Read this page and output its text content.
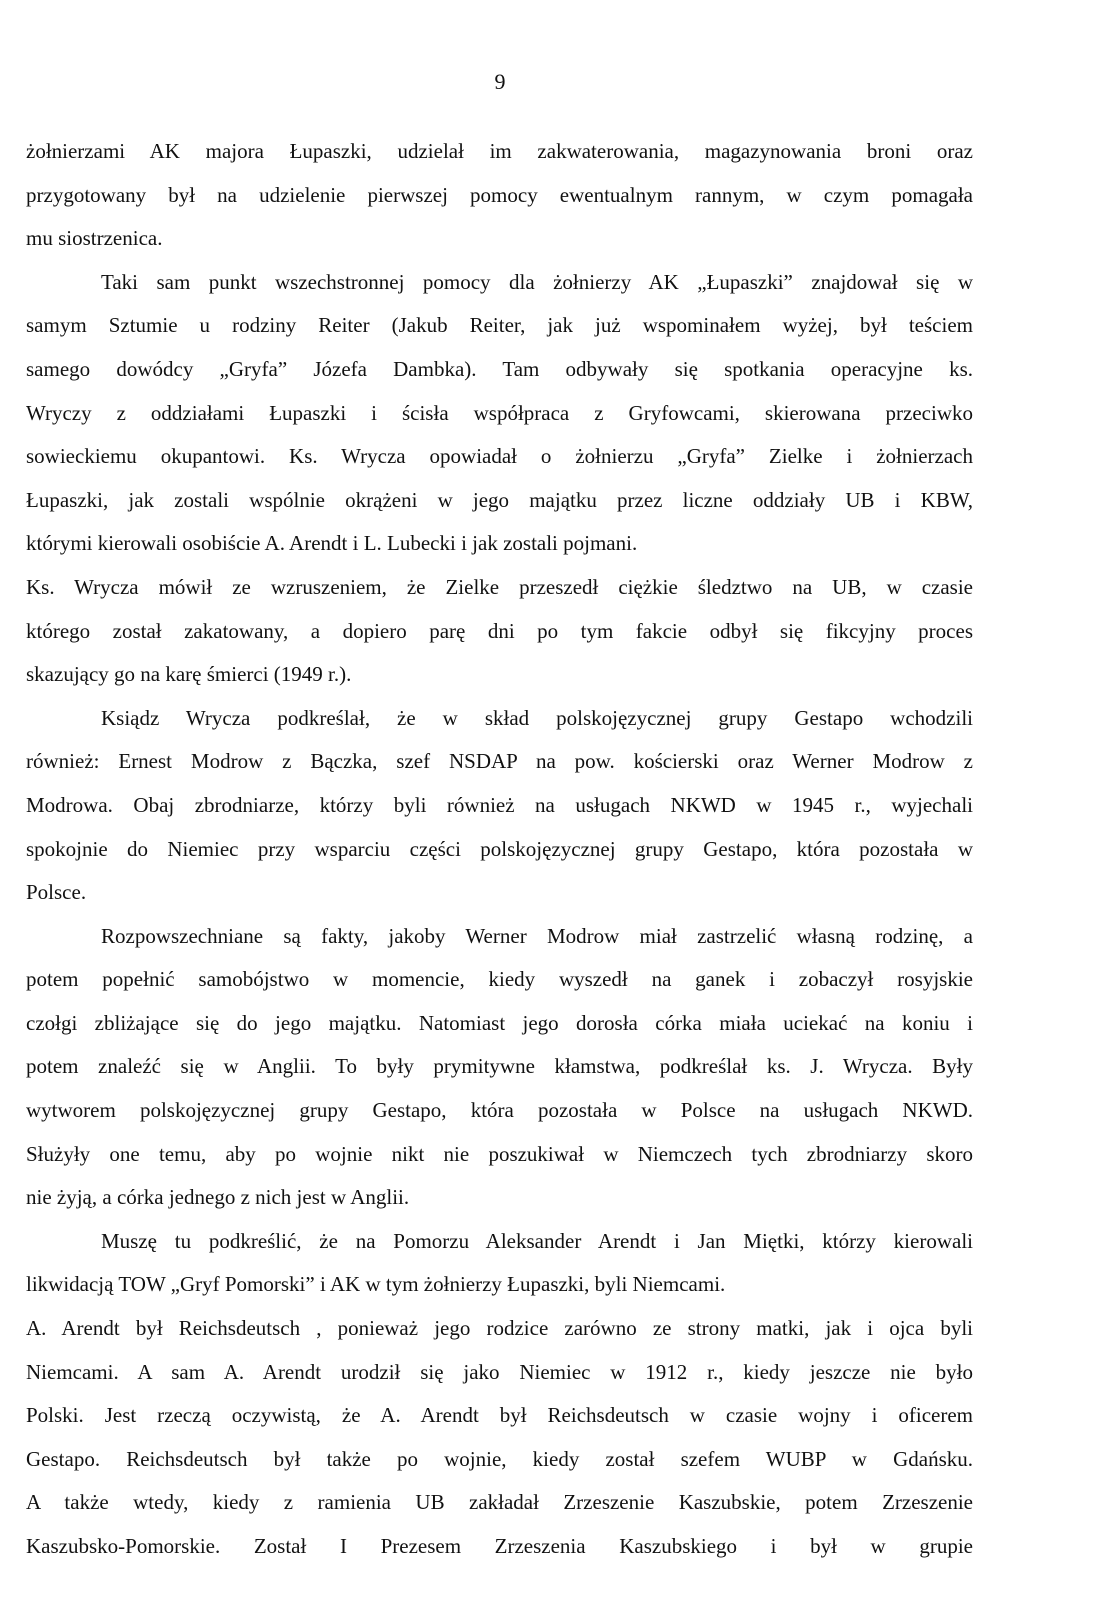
9
żołnierzami AK majora Łupaszki, udzielał im zakwaterowania, magazynowania broni oraz
przygotowany był na udzielenie pierwszej pomocy ewentualnym rannym, w czym pomagała
mu siostrzenica.
Taki sam punkt wszechstronnej pomocy dla żołnierzy AK „Łupaszki” znajdował się w
samym Sztumie u rodziny Reiter (Jakub Reiter, jak już wspominałem wyżej, był teściem
samego dowódcy „Gryfa” Józefa Dambka). Tam odbywały się spotkania operacyjne ks.
Wryczy z oddziałami Łupaszki i ścisła współpraca z Gryfowcami, skierowana przeciwko
sowieckiemu okupantowi. Ks. Wrycza opowiadał o żołnierzu „Gryfa” Zielke i żołnierzach
Łupaszki, jak zostali wspólnie okrążeni w jego majątku przez liczne oddziały UB i KBW,
którymi kierowali osobiście A. Arendt i L. Lubecki i jak zostali pojmani.
Ks. Wrycza mówił ze wzruszeniem, że Zielke przeszedł ciężkie śledztwo na UB, w czasie
którego został zakatowany, a dopiero parę dni po tym fakcie odbył się fikcyjny proces
skazujący go na karę śmierci (1949 r.).
Ksiądz Wrycza podkreślał, że w skład polskojęzycznej grupy Gestapo wchodzili
również: Ernest Modrow z Bączka, szef NSDAP na pow. kościerski oraz Werner Modrow z
Modrowa. Obaj zbrodniarze, którzy byli również na usługach NKWD w 1945 r., wyjechali
spokojnie do Niemiec przy wsparciu części polskojęzycznej grupy Gestapo, która pozostała w
Polsce.
Rozpowszechniane są fakty, jakoby Werner Modrow miał zastrzelić własną rodzinę, a
potem popełnić samobójstwo w momencie, kiedy wyszedł na ganek i zobaczył rosyjskie
czołgi zbliżające się do jego majątku. Natomiast jego dorosła córka miała uciekać na koniu i
potem znaleźć się w Anglii. To były prymitywne kłamstwa, podkreślał ks. J. Wrycza. Były
wytworem polskojęzycznej grupy Gestapo, która pozostała w Polsce na usługach NKWD.
Służyły one temu, aby po wojnie nikt nie poszukiwał w Niemczech tych zbrodniarzy skoro
nie żyją, a córka jednego z nich jest w Anglii.
Muszę tu podkreślić, że na Pomorzu Aleksander Arendt i Jan Miętki, którzy kierowali
likwidacją TOW „Gryf Pomorski” i AK w tym żołnierzy Łupaszki, byli Niemcami.
A. Arendt był Reichsdeutsch , ponieważ jego rodzice zarówno ze strony matki, jak i ojca byli
Niemcami. A sam A. Arendt urodził się jako Niemiec w 1912 r., kiedy jeszcze nie było
Polski. Jest rzeczą oczywistą, że A. Arendt był Reichsdeutsch w czasie wojny i oficerem
Gestapo. Reichsdeutsch był także po wojnie, kiedy został szefem WUBP w Gdańsku.
A także wtedy, kiedy z ramienia UB zakładał Zrzeszenie Kaszubskie, potem Zrzeszenie
Kaszubsko-Pomorskie. Został I Prezesem Zrzeszenia Kaszubskiego i był w grupie
